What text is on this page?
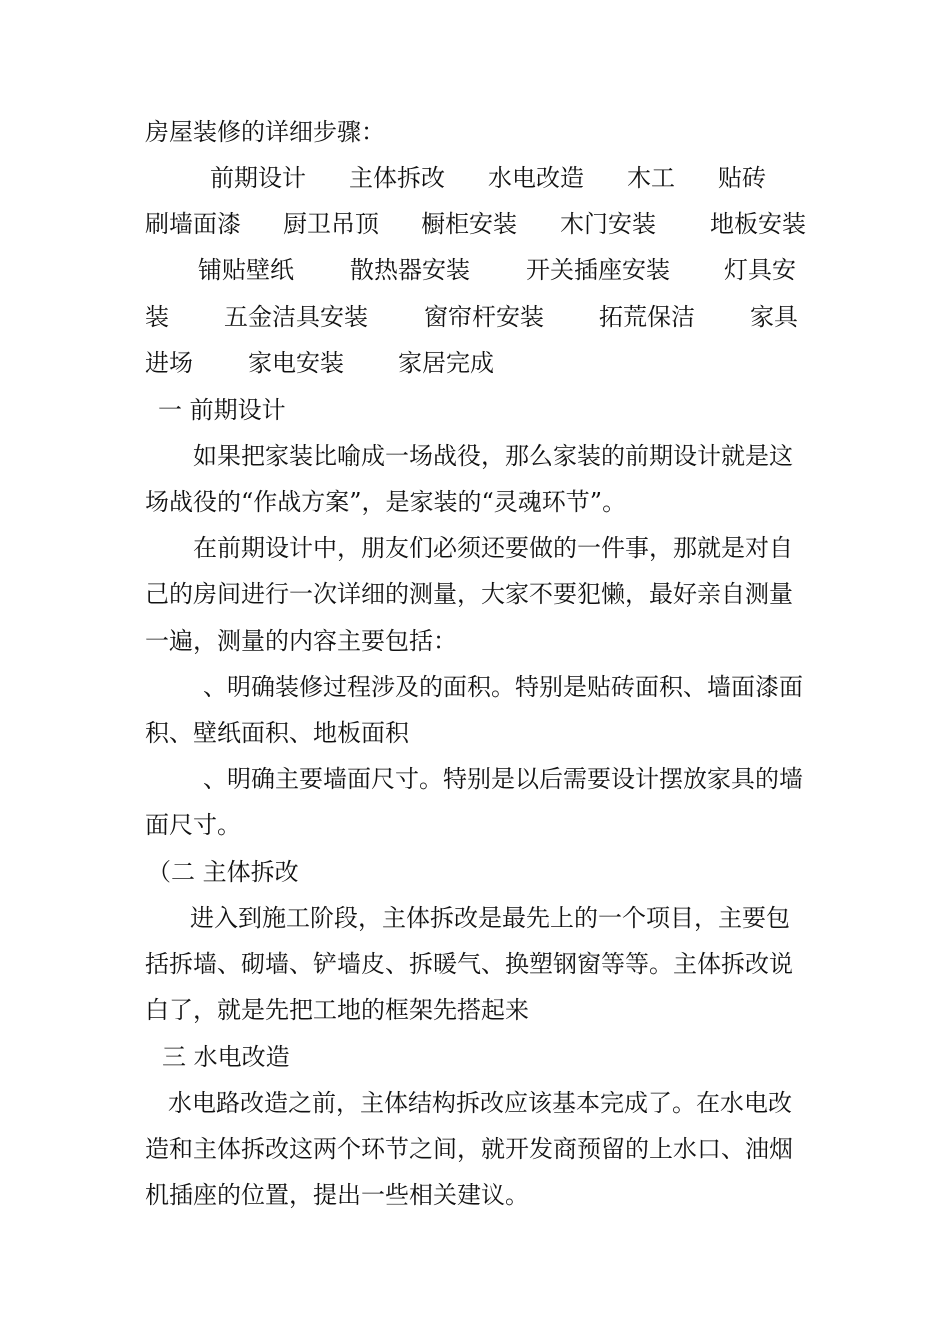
房屋装修的详细步骤：
前期设计 主体拆改 水电改造 木工 贴砖
刷墙面漆 厨卫吊顶 橱柜安装 木门安装 地板安装
铺贴壁纸 散热器安装 开关插座安装 灯具安
装 五金洁具安装 窗帘杆安装 拓荒保洁 家具
进场 家电安装 家居完成
一 前期设计
如果把家装比喻成一场战役，那么家装的前期设计就是这
场战役的“作战方案”，是家装的“灵魂环节”。
在前期设计中，朋友们必须还要做的一件事，那就是对自
己的房间进行一次详细的测量，大家不要犯懒，最好亲自测量
一遍，测量的内容主要包括：
、明确装修过程涉及的面积。特别是贴砖面积、墙面漆面
积、壁纸面积、地板面积
、明确主要墙面尺寸。特别是以后需要设计摆放家具的墙
面尺寸。
（二 主体拆改
进入到施工阶段，主体拆改是最先上的一个项目，主要包
括拆墙、砌墙、铲墙皮、拆暖气、换塑钢窗等等。主体拆改说
白了，就是先把工地的框架先搭起来
三 水电改造
水电路改造之前，主体结构拆改应该基本完成了。在水电改
造和主体拆改这两个环节之间，就开发商预留的上水口、油烟
机插座的位置，提出一些相关建议。
